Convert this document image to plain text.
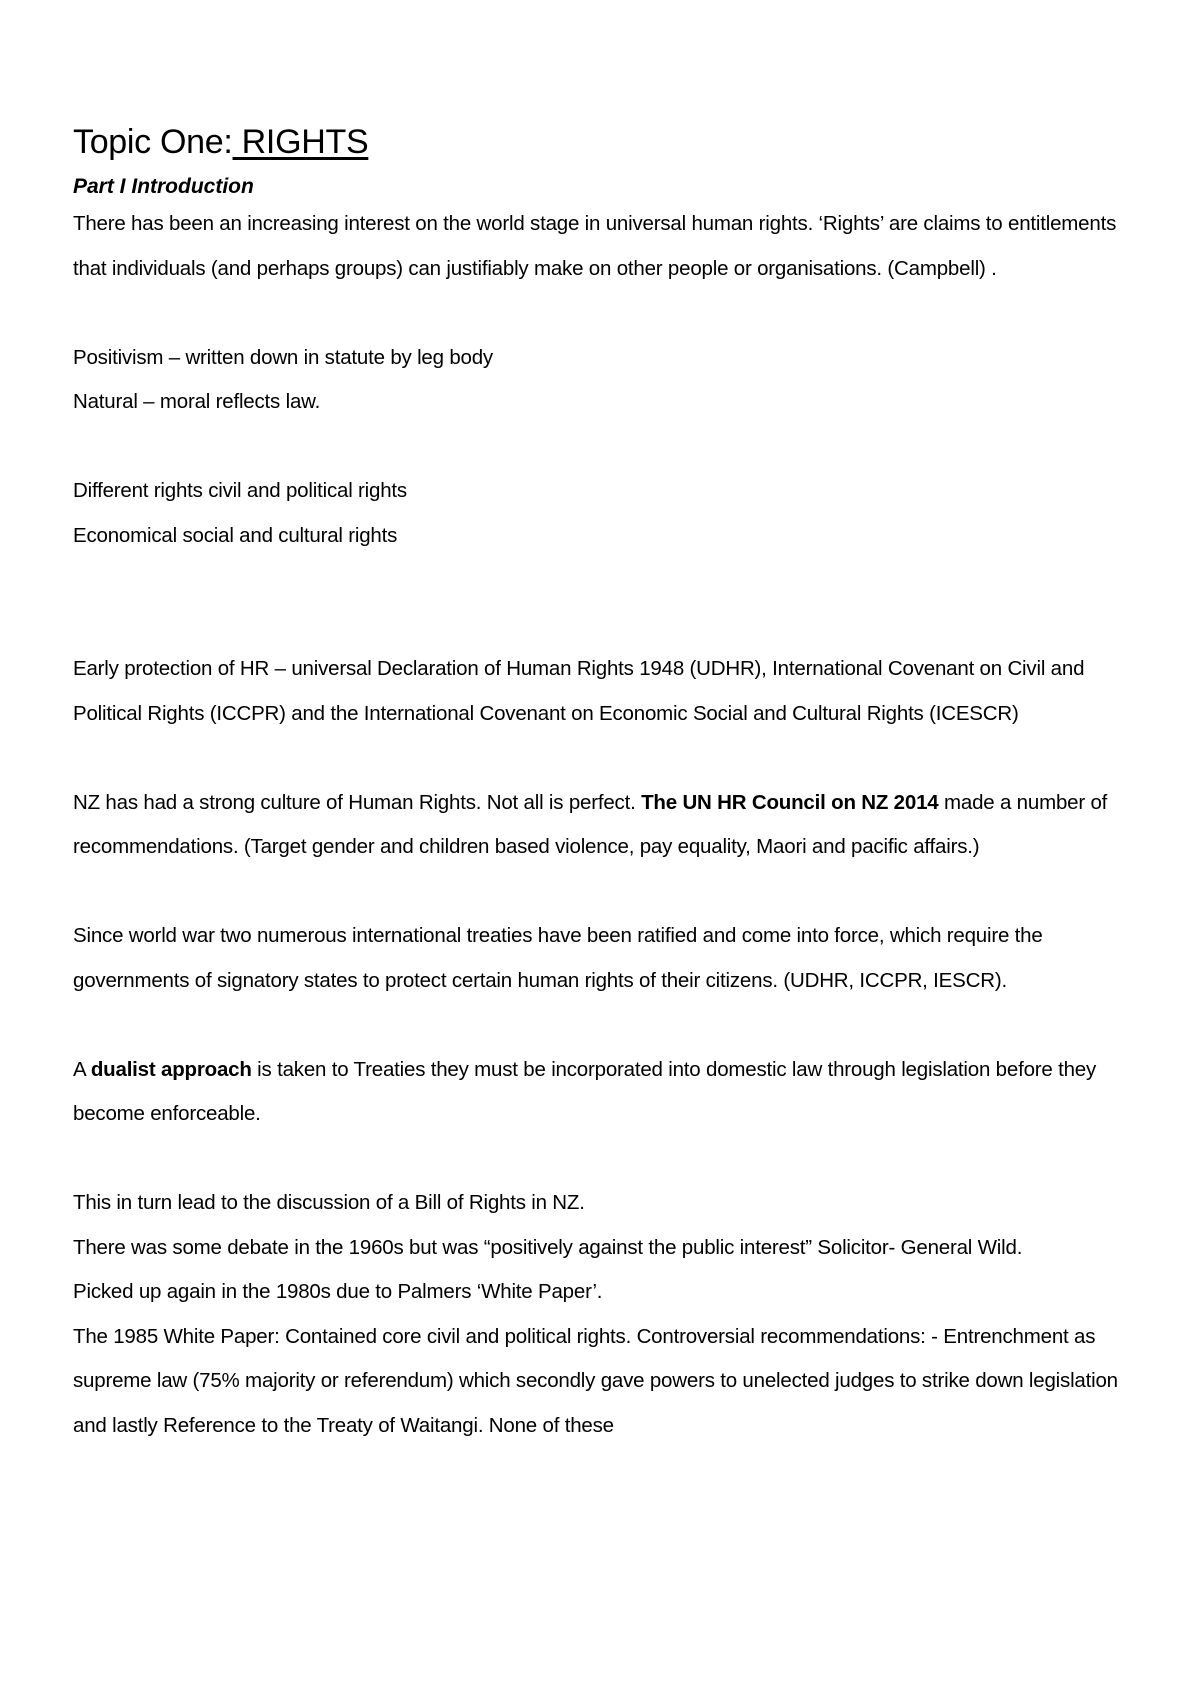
Topic One: RIGHTS
Part I Introduction

There has been an increasing interest on the world stage in universal human rights. ‘Rights’ are claims to entitlements that individuals (and perhaps groups) can justifiably make on other people or organisations. (Campbell) .

Positivism – written down in statute by leg body

Natural – moral reflects law.

Different rights civil and political rights

Economical social and cultural rights

Early protection of HR – universal Declaration of Human Rights 1948 (UDHR), International Covenant on Civil and Political Rights (ICCPR) and the International Covenant on Economic Social and Cultural Rights (ICESCR)

NZ has had a strong culture of Human Rights. Not all is perfect. The UN HR Council on NZ 2014 made a number of recommendations. (Target gender and children based violence, pay equality, Maori and pacific affairs.)

Since world war two numerous international treaties have been ratified and come into force, which require the governments of signatory states to protect certain human rights of their citizens. (UDHR, ICCPR, IESCR).

A dualist approach is taken to Treaties they must be incorporated into domestic law through legislation before they become enforceable.

This in turn lead to the discussion of a Bill of Rights in NZ.

There was some debate in the 1960s but was “positively against the public interest” Solicitor- General Wild.

Picked up again in the 1980s due to Palmers ‘White Paper’.

The 1985 White Paper: Contained core civil and political rights. Controversial recommendations: - Entrenchment as supreme law (75% majority or referendum) which secondly gave powers to unelected judges to strike down legislation and lastly Reference to the Treaty of Waitangi. None of these
